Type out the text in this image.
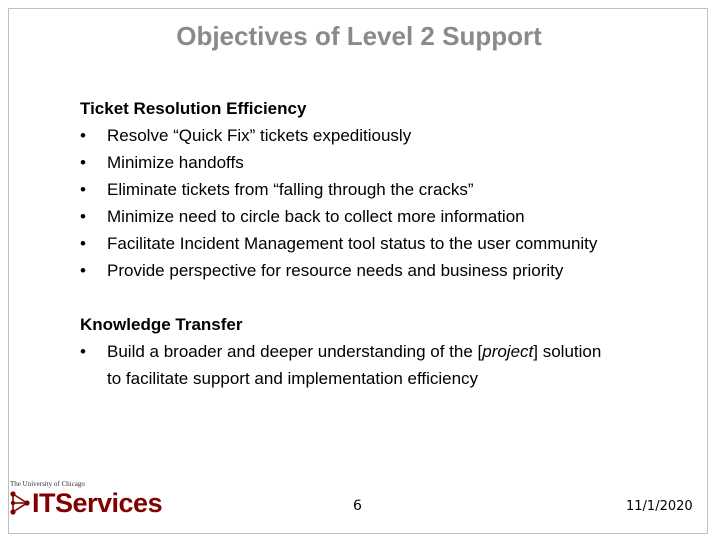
Objectives of Level 2 Support
Ticket Resolution Efficiency
•	Resolve “Quick Fix” tickets expeditiously
•	Minimize handoffs
•	Eliminate tickets from “falling through the cracks”
•	Minimize need to circle back to collect more information
•	Facilitate Incident Management tool status to the user community
•	Provide perspective for resource needs and business priority
Knowledge Transfer
•	Build a broader and deeper understanding of the [project] solution
to facilitate support and implementation efficiency
The University of Chicago
ITServices	6	11/1/2020
